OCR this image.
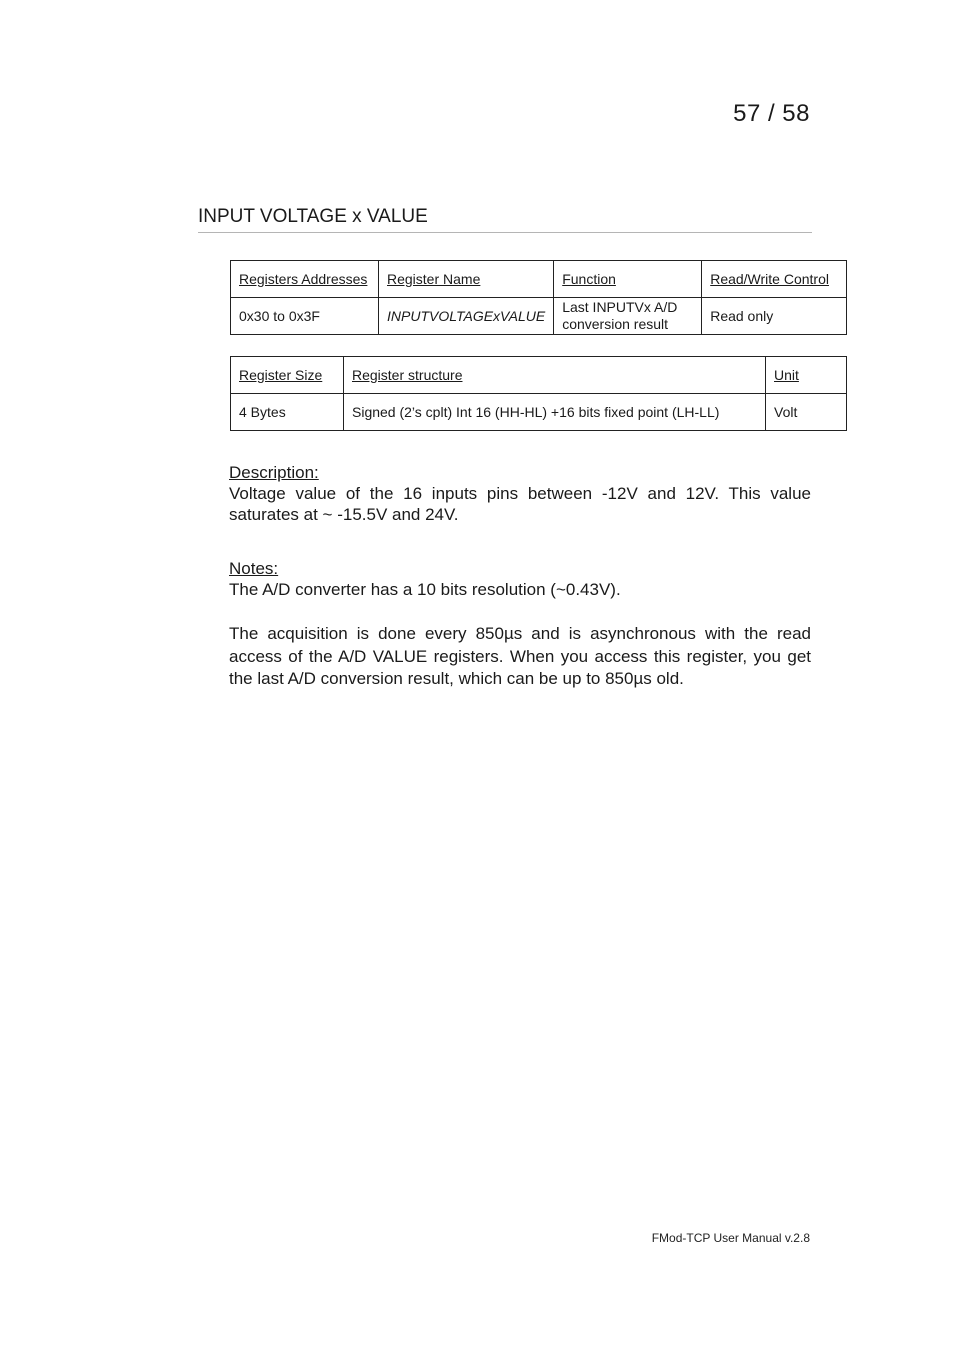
57 / 58
INPUT VOLTAGE x VALUE
Registers Addresses	Register Name	Function	Read/Write Control
0x30 to 0x3F	INPUTVOLTAGExVALUE	Last INPUTVx A/D conversion result	Read only
Register Size	Register structure	Unit
4 Bytes	Signed (2’s cplt) Int 16 (HH-HL) +16 bits fixed point (LH-LL)	Volt

Description:

Voltage value of the 16 inputs pins between -12V and 12V. This value saturates at ~ -15.5V and 24V.

Notes:

The A/D converter has a 10 bits resolution (~0.43V).

The acquisition is done every 850µs and is asynchronous with the read access of the A/D VALUE registers. When you access this register, you get the last A/D conversion result, which can be up to 850µs old.

FMod-TCP User Manual v.2.8
